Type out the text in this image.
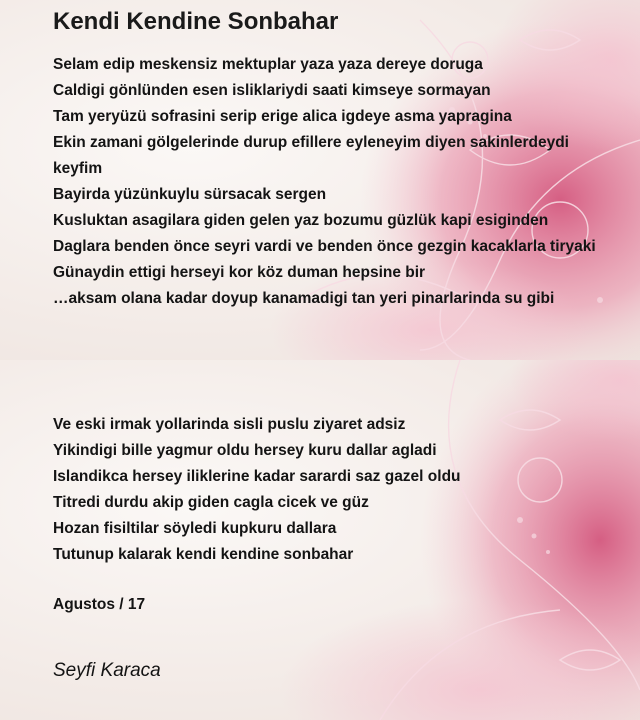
Kendi Kendine Sonbahar
Selam edip meskensiz mektuplar yaza yaza dereye doruga
Caldigi gönlünden esen isliklariydi saati kimseye sormayan
Tam yeryüzü sofrasini serip erige alica igdeye asma yapragina
Ekin zamani gölgelerinde durup efillere eyleneyim diyen sakinlerdeydi
keyfim
Bayirda yüzünkuylu sürsacak sergen
Kusluktan asagilara giden gelen yaz bozumu güzlük kapi esiginden
Daglara benden önce seyri vardi ve benden önce gezgin kacaklarla tiryaki
Günaydin ettigi herseyi kor köz duman hepsine bir
…aksam olana kadar doyup kanamadigi tan yeri pinarlarinda su gibi
Ve eski irmak yollarinda sisli puslu ziyaret adsiz
Yikindigi bille yagmur oldu hersey kuru dallar agladi
Islandikca hersey iliklerine kadar sarardi saz gazel oldu
Titredi durdu akip giden cagla cicek ve güz
Hozan fisiltilar söyledi kupkuru dallara
Tutunup kalarak kendi kendine sonbahar
Agustos / 17
Seyfi Karaca
